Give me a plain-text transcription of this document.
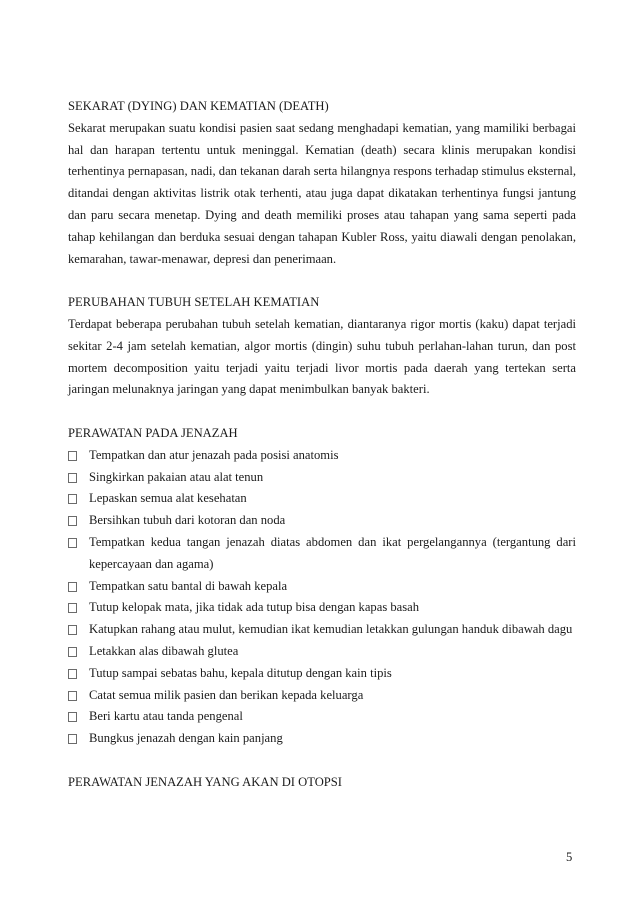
SEKARAT (DYING) DAN KEMATIAN (DEATH)

Sekarat merupakan suatu kondisi pasien saat sedang menghadapi kematian, yang mamiliki berbagai hal dan harapan tertentu untuk meninggal. Kematian (death) secara klinis merupakan kondisi terhentinya pernapasan, nadi, dan tekanan darah serta hilangnya respons terhadap stimulus eksternal, ditandai dengan aktivitas listrik otak terhenti, atau juga dapat dikatakan terhentinya fungsi jantung dan paru secara menetap. Dying and death memiliki proses atau tahapan yang sama seperti pada tahap kehilangan dan berduka sesuai dengan tahapan Kubler Ross, yaitu diawali dengan penolakan, kemarahan, tawar-menawar, depresi dan penerimaan.

PERUBAHAN TUBUH SETELAH KEMATIAN

Terdapat beberapa perubahan tubuh setelah kematian, diantaranya rigor mortis (kaku) dapat terjadi sekitar 2-4 jam setelah kematian, algor mortis (dingin) suhu tubuh perlahan-lahan turun, dan post mortem decomposition yaitu terjadi yaitu terjadi livor mortis pada daerah yang tertekan serta jaringan melunaknya jaringan yang dapat menimbulkan banyak bakteri.

PERAWATAN PADA JENAZAH

Tempatkan dan atur jenazah pada posisi anatomis
Singkirkan pakaian atau alat tenun
Lepaskan semua alat kesehatan
Bersihkan tubuh dari kotoran dan noda
Tempatkan kedua tangan jenazah diatas abdomen dan ikat pergelangannya (tergantung dari kepercayaan dan agama)
Tempatkan satu bantal di bawah kepala
Tutup kelopak mata, jika tidak ada tutup bisa dengan kapas basah
Katupkan rahang atau mulut, kemudian ikat kemudian letakkan gulungan handuk dibawah dagu
Letakkan alas dibawah glutea
Tutup sampai sebatas bahu, kepala ditutup dengan kain tipis
Catat semua milik pasien dan berikan kepada keluarga
Beri kartu atau tanda pengenal
Bungkus jenazah dengan kain panjang

PERAWATAN JENAZAH YANG AKAN DI OTOPSI

5
